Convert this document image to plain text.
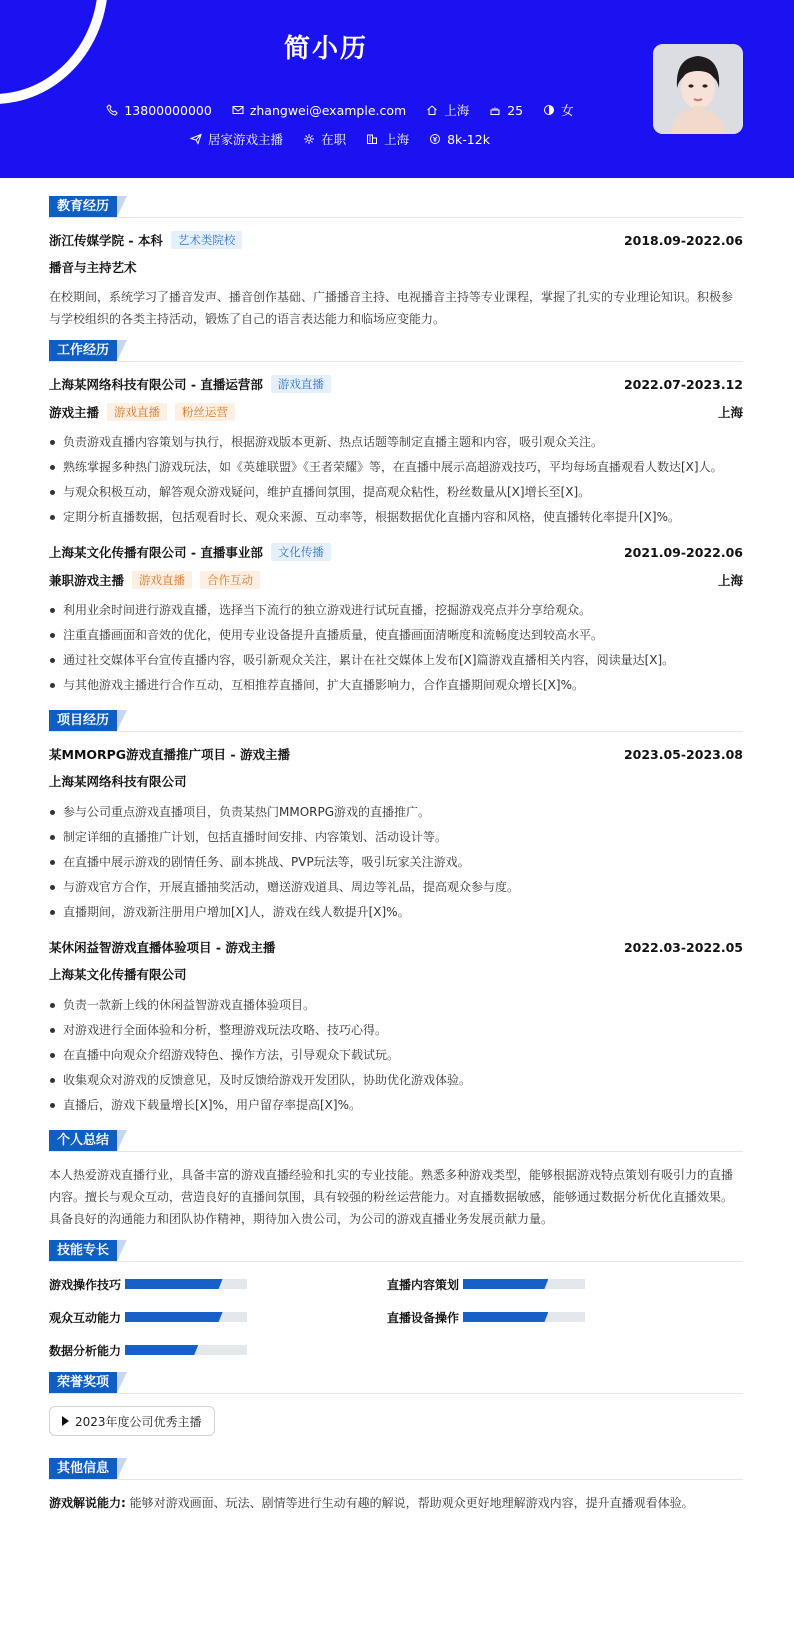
简小历
13800000000	zhangwei@example.com	上海	25	女
居家游戏主播	在职	上海	8k-12k
教育经历
浙江传媒学院 - 本科	艺术类院校	2018.09-2022.06
播音与主持艺术
在校期间，系统学习了播音发声、播音创作基础、广播播音主持、电视播音主持等专业课程，掌握了扎实的专业理论知识。积极参与学校组织的各类主持活动，锻炼了自己的语言表达能力和临场应变能力。
工作经历
上海某网络科技有限公司 - 直播运营部	游戏直播	2022.07-2023.12
游戏主播	游戏直播	粉丝运营	上海
负责游戏直播内容策划与执行，根据游戏版本更新、热点话题等制定直播主题和内容，吸引观众关注。
熟练掌握多种热门游戏玩法，如《英雄联盟》《王者荣耀》等，在直播中展示高超游戏技巧，平均每场直播观看人数达[X]人。
与观众积极互动，解答观众游戏疑问，维护直播间氛围，提高观众粘性，粉丝数量从[X]增长至[X]。
定期分析直播数据，包括观看时长、观众来源、互动率等，根据数据优化直播内容和风格，使直播转化率提升[X]%。
上海某文化传播有限公司 - 直播事业部	文化传播	2021.09-2022.06
兼职游戏主播	游戏直播	合作互动	上海
利用业余时间进行游戏直播，选择当下流行的独立游戏进行试玩直播，挖掘游戏亮点并分享给观众。
注重直播画面和音效的优化，使用专业设备提升直播质量，使直播画面清晰度和流畅度达到较高水平。
通过社交媒体平台宣传直播内容，吸引新观众关注，累计在社交媒体上发布[X]篇游戏直播相关内容，阅读量达[X]。
与其他游戏主播进行合作互动，互相推荐直播间，扩大直播影响力，合作直播期间观众增长[X]%。
项目经历
某MMORPG游戏直播推广项目 - 游戏主播	2023.05-2023.08
上海某网络科技有限公司
参与公司重点游戏直播项目，负责某热门MMORPG游戏的直播推广。
制定详细的直播推广计划，包括直播时间安排、内容策划、活动设计等。
在直播中展示游戏的剧情任务、副本挑战、PVP玩法等，吸引玩家关注游戏。
与游戏官方合作，开展直播抽奖活动，赠送游戏道具、周边等礼品，提高观众参与度。
直播期间，游戏新注册用户增加[X]人，游戏在线人数提升[X]%。
某休闲益智游戏直播体验项目 - 游戏主播	2022.03-2022.05
上海某文化传播有限公司
负责一款新上线的休闲益智游戏直播体验项目。
对游戏进行全面体验和分析，整理游戏玩法攻略、技巧心得。
在直播中向观众介绍游戏特色、操作方法，引导观众下载试玩。
收集观众对游戏的反馈意见，及时反馈给游戏开发团队，协助优化游戏体验。
直播后，游戏下载量增长[X]%，用户留存率提高[X]%。
个人总结
本人热爱游戏直播行业，具备丰富的游戏直播经验和扎实的专业技能。熟悉多种游戏类型，能够根据游戏特点策划有吸引力的直播内容。擅长与观众互动，营造良好的直播间氛围，具有较强的粉丝运营能力。对直播数据敏感，能够通过数据分析优化直播效果。具备良好的沟通能力和团队协作精神，期待加入贵公司，为公司的游戏直播业务发展贡献力量。
技能专长
游戏操作技巧	直播内容策划
观众互动能力	直播设备操作
数据分析能力
荣誉奖项
2023年度公司优秀主播
其他信息
游戏解说能力: 能够对游戏画面、玩法、剧情等进行生动有趣的解说，帮助观众更好地理解游戏内容，提升直播观看体验。
